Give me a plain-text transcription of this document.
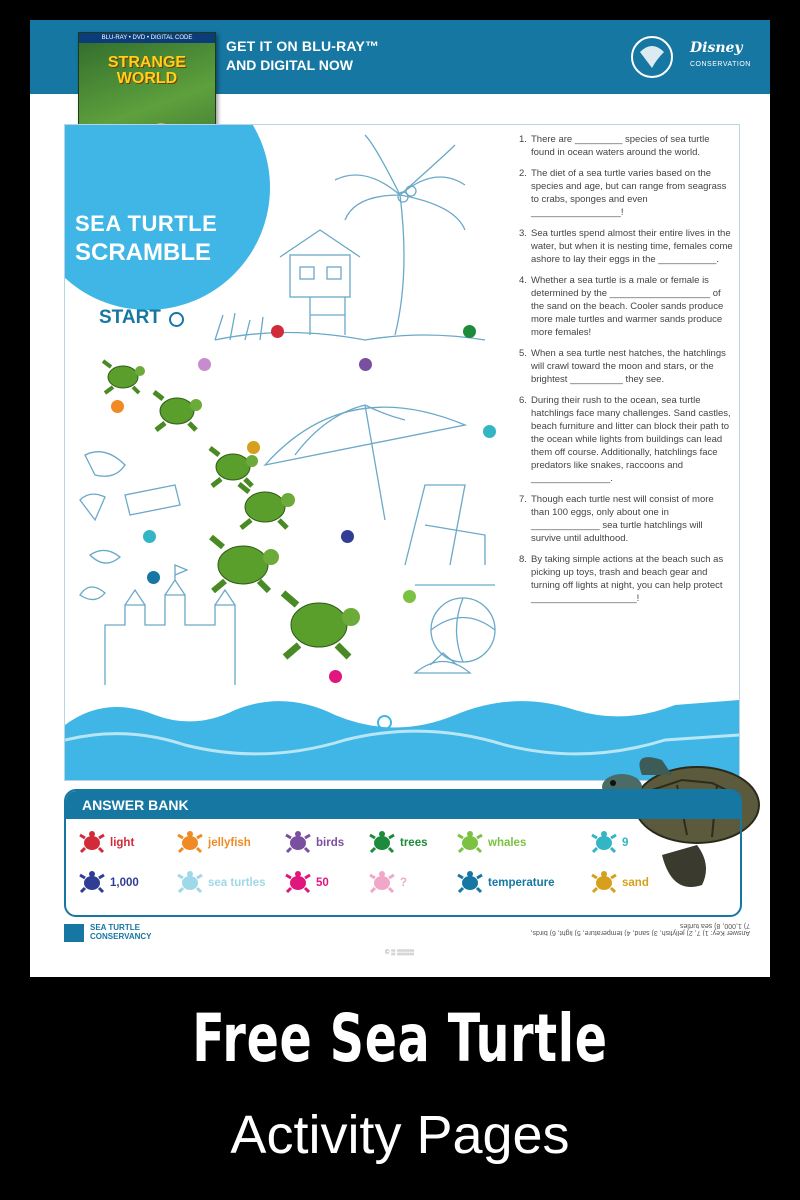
GET IT ON BLU-RAY™
AND DIGITAL NOW
Disney
CONSERVATION
BLU-RAY • DVD • DIGITAL CODE
STRANGE
WORLD
SEA TURTLE
SCRAMBLE
START
1. There are _________ species of sea turtle found in ocean waters around the world.
2. The diet of a sea turtle varies based on the species and age, but can range from seagrass to crabs, sponges and even _________________!
3. Sea turtles spend almost their entire lives in the water, but when it is nesting time, females come ashore to lay their eggs in the ___________.
4. Whether a sea turtle is a male or female is determined by the ___________________ of the sand on the beach. Cooler sands produce more male turtles and warmer sands produce more females!
5. When a sea turtle nest hatches, the hatchlings will crawl toward the moon and stars, or the brightest __________ they see.
6. During their rush to the ocean, sea turtle hatchlings face many challenges. Sand castles, beach furniture and litter can block their path to the ocean while lights from buildings can lead them off course. Additionally, hatchlings face predators like snakes, raccoons and _______________.
7. Though each turtle nest will consist of more than 100 eggs, only about one in _____________ sea turtle hatchlings will survive until adulthood.
8. By taking simple actions at the beach such as picking up toys, trash and beach gear and turning off lights at night, you can help protect ____________________!
ANSWER BANK
light	jellyfish	birds	trees	whales	9
1,000	sea turtles	50	?	temperature	sand
SEA TURTLE
CONSERVANCY	Answer Key: 1) 7, 2) jellyfish, 3) sand, 4) temperature, 5) light, 6) birds, 7) 1,000, 8) sea turtles
© ▒ ▒▒▒▒
Free Sea Turtle
Activity Pages
